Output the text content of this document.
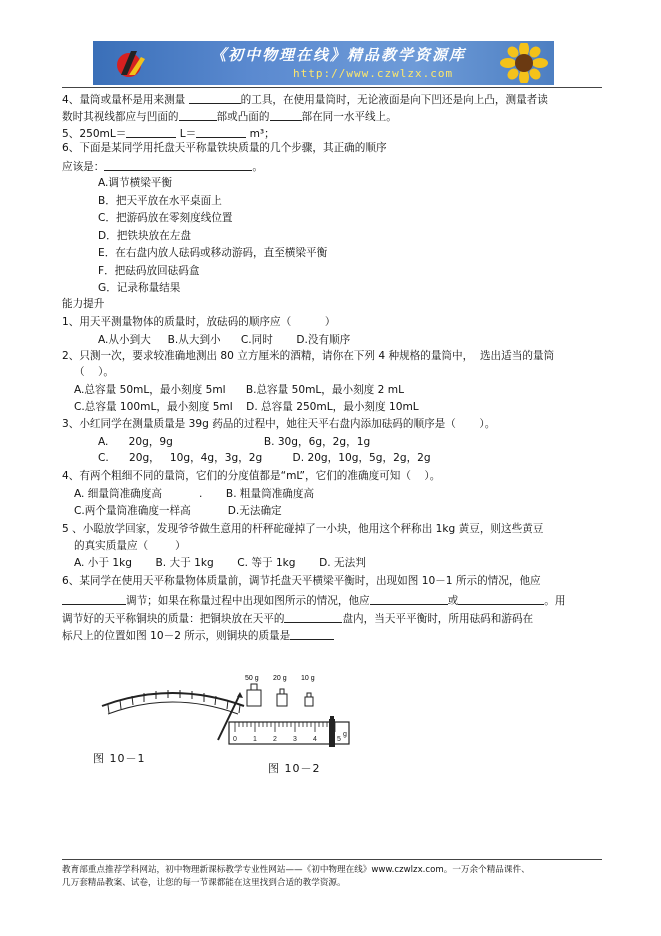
《初中物理在线》精品教学资源库
http://www.czwlzx.com
4、量筒或量杯是用来测量	的工具，在使用量筒时，无论液面是向下凹还是向上凸，测量者读
数时其视线都应与凹面的	部或凸面的	部在同一水平线上。
5、250mL＝	L＝	m³；
6、下面是某同学用托盘天平称量铁块质量的几个步骤，其正确的顺序
应该是：	。
A.调节横梁平衡
B．把天平放在水平桌面上
C．把游码放在零刻度线位置
D．把铁块放在左盘
E．在右盘内放人砝码或移动游码，直至横梁平衡
F．把砝码放回砝码盒
G．记录称量结果
能力提升
1、用天平测量物体的质量时，放砝码的顺序应（          ）
A.从小到大     B.从大到小      C.同时       D.没有顺序
2、只测一次，要求较准确地测出 80 立方厘米的酒精，请你在下列 4 种规格的量筒中，  选出适当的量筒
（    ）。
A.总容量 50mL，最小刻度 5ml      B.总容量 50mL，最小刻度 2 mL
C.总容量 100mL，最小刻度 5ml    D. 总容量 250mL，最小刻度 10mL
3、小红同学在测量质量是 39g 药品的过程中，她往天平右盘内添加砝码的顺序是（       ）。
A.      20g，9g                           B. 30g，6g，2g，1g
C.      20g，   10g，4g，3g，2g         D. 20g，10g，5g，2g，2g
4、有两个粗细不同的量筒，它们的分度值都是“mL”，它们的准确度可知（    ）。
A. 细量筒准确度高           .       B. 粗量筒准确度高
C.两个量筒准确度一样高           D.无法确定
5 、小聪放学回家，发现爷爷做生意用的杆秤砣碰掉了一小块，他用这个秤称出 1kg 黄豆，则这些黄豆
的真实质量应（        ）
A. 小于 1kg       B. 大于 1kg       C. 等于 1kg       D. 无法判
6、某同学在使用天平称量物体质量前，调节托盘天平横梁平衡时，出现如图 10－1 所示的情况，他应
调节；如果在称量过程中出现如图所示的情况，他应	或	。用
调节好的天平称铜块的质量：把铜块放在天平的	盘内，当天平平衡时，所用砝码和游码在
标尺上的位置如图 10－2 所示，则铜块的质量是
图 10－1
50 g 20 g 10 g
0 1 2 3 4	5
g
图 10－2
教育部重点推荐学科网站，初中物理新课标教学专业性网站——《初中物理在线》www.czwlzx.com。一万余个精品课件、
几万套精品教案、试卷，让您的每一节课都能在这里找到合适的教学资源。
